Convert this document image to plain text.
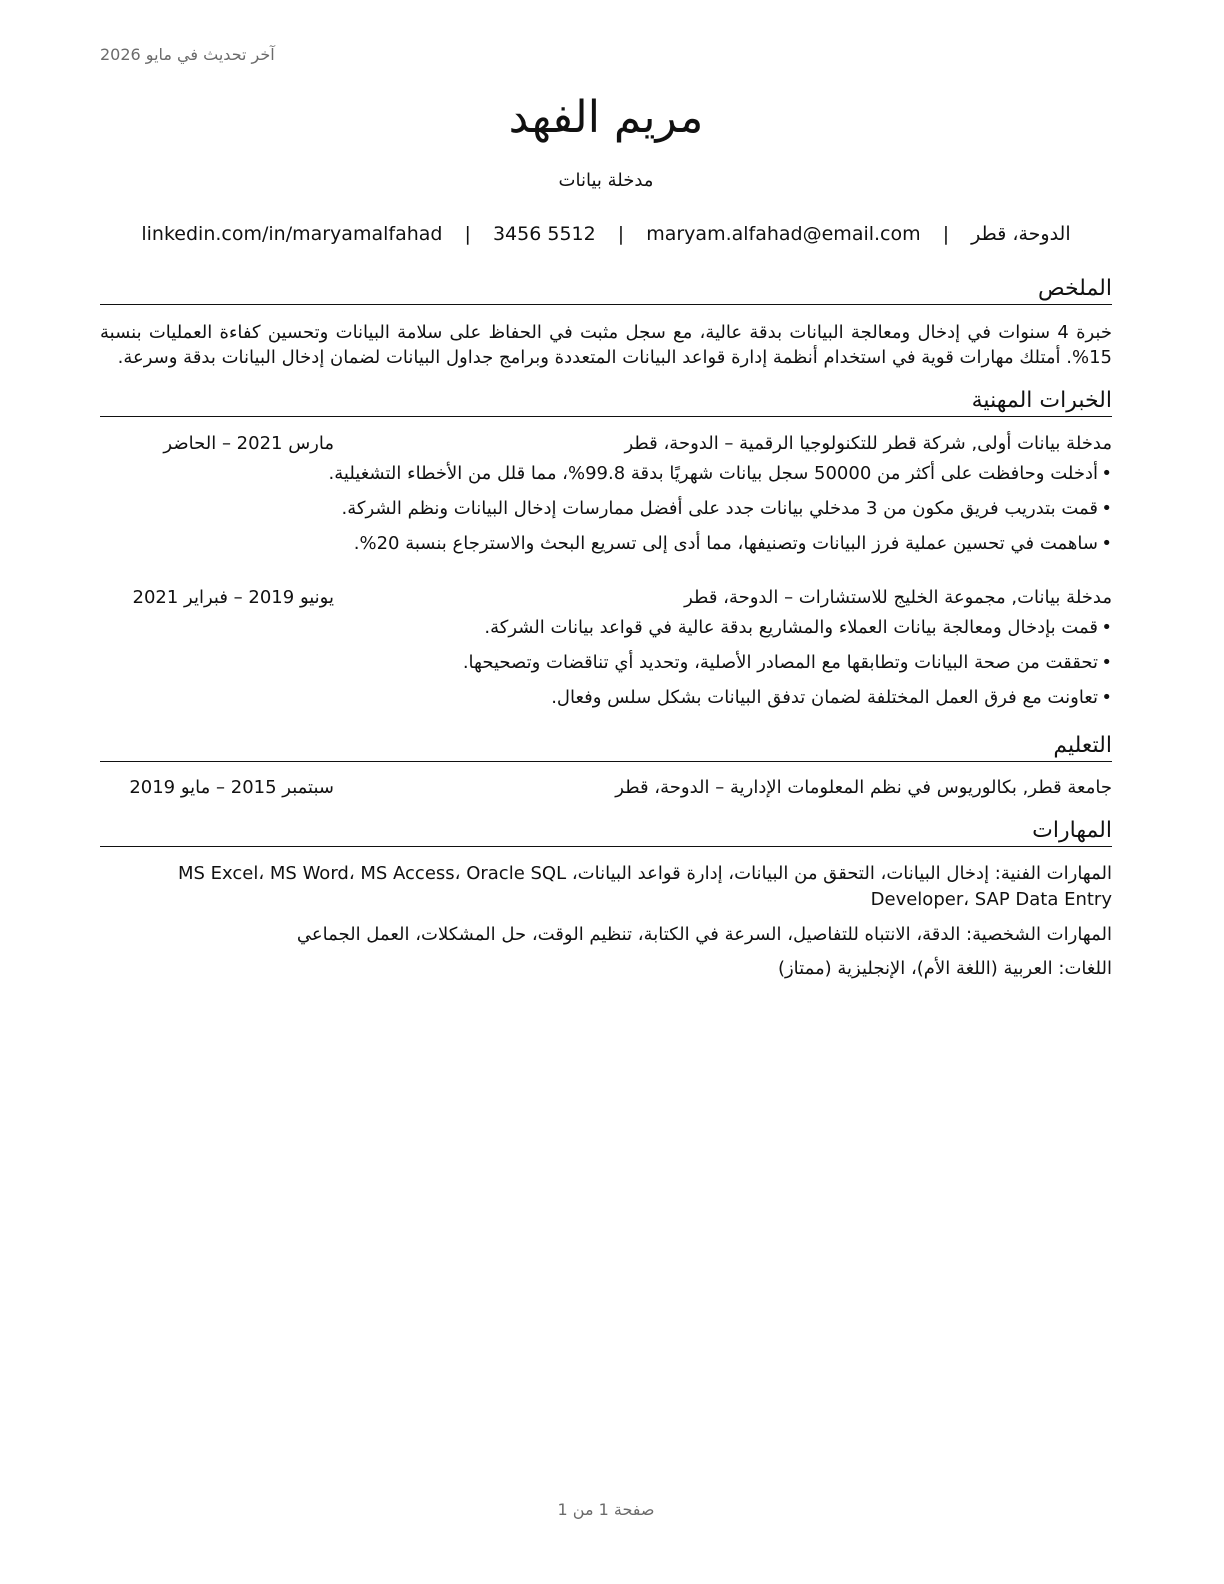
آخر تحديث في مايو 2026
مريم الفهد
مدخلة بيانات
الدوحة، قطر | maryam.alfahad@email.com | 3456 5512 | linkedin.com/in/maryamalfahad
الملخص
خبرة 4 سنوات في إدخال ومعالجة البيانات بدقة عالية، مع سجل مثبت في الحفاظ على سلامة البيانات وتحسين كفاءة العمليات بنسبة 15%. أمتلك مهارات قوية في استخدام أنظمة إدارة قواعد البيانات المتعددة وبرامج جداول البيانات لضمان إدخال البيانات بدقة وسرعة.
الخبرات المهنية
مدخلة بيانات أولى, شركة قطر للتكنولوجيا الرقمية – الدوحة، قطر
مارس 2021 – الحاضر
•أدخلت وحافظت على أكثر من 50000 سجل بيانات شهريًا بدقة 99.8%، مما قلل من الأخطاء التشغيلية.
•قمت بتدريب فريق مكون من 3 مدخلي بيانات جدد على أفضل ممارسات إدخال البيانات ونظم الشركة.
•ساهمت في تحسين عملية فرز البيانات وتصنيفها، مما أدى إلى تسريع البحث والاسترجاع بنسبة 20%.
مدخلة بيانات, مجموعة الخليج للاستشارات – الدوحة، قطر
يونيو 2019 – فبراير 2021
•قمت بإدخال ومعالجة بيانات العملاء والمشاريع بدقة عالية في قواعد بيانات الشركة.
•تحققت من صحة البيانات وتطابقها مع المصادر الأصلية، وتحديد أي تناقضات وتصحيحها.
•تعاونت مع فرق العمل المختلفة لضمان تدفق البيانات بشكل سلس وفعال.
التعليم
جامعة قطر, بكالوريوس في نظم المعلومات الإدارية – الدوحة، قطر
سبتمبر 2015 – مايو 2019
المهارات
المهارات الفنية: إدخال البيانات، التحقق من البيانات، إدارة قواعد البيانات، MS Excel، MS Word، MS Access، Oracle SQL Developer، SAP Data Entry
المهارات الشخصية: الدقة، الانتباه للتفاصيل، السرعة في الكتابة، تنظيم الوقت، حل المشكلات، العمل الجماعي
اللغات: العربية (اللغة الأم)، الإنجليزية (ممتاز)
صفحة 1 من 1
